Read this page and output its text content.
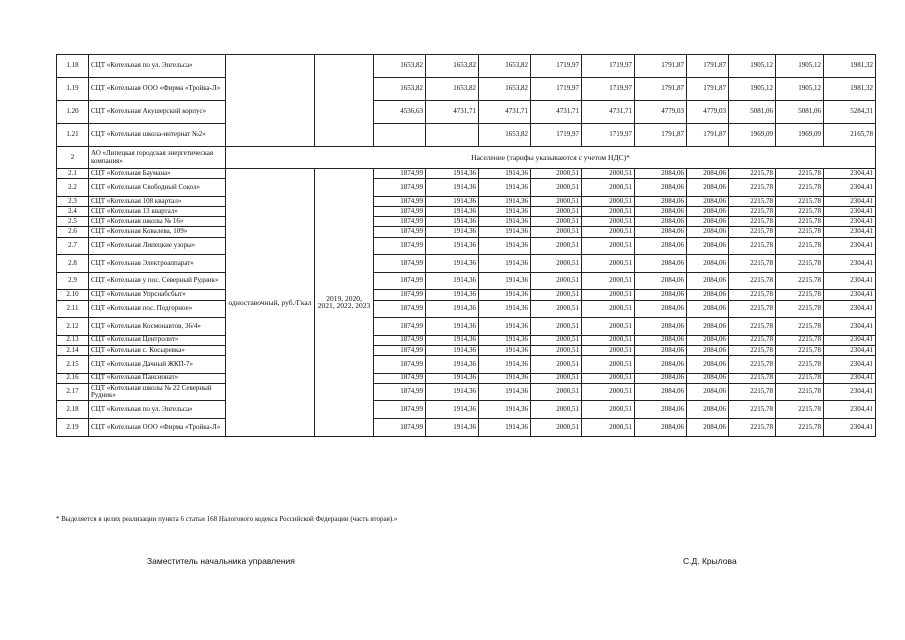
1.18	СЦТ «Котельная по ул. Энгельса»			1653,82	1653,82	1653,82	1719,97	1719,97	1791,87	1791,87	1905,12	1905,12	1981,32
1.19	СЦТ «Котельная ООО «Фирма «Тройка-Л»			1653,82	1653,82	1653,82	1719,97	1719,97	1791,87	1791,87	1905,12	1905,12	1981,32
1.20	СЦТ «Котельная Акушерский корпус»			4536,63	4731,71	4731,71	4731,71	4731,71	4779,03	4779,03	5081,06	5081,06	5284,31
1.21	СЦТ «Котельная школа-интернат №2»					1653,82	1719,97	1719,97	1791,87	1791,87	1969,09	1969,09	2165,78
2	АО «Липецкая городская энергетическая компания»	Население (тарифы указываются с учетом НДС)*											
2.1	СЦТ «Котельная Баумана»	одноставочный, руб./Гкал	2019, 2020, 2021, 2022, 2023	1874,99	1914,36	1914,36	2000,51	2000,51	2084,06	2084,06	2215,78	2215,78	2304,41
2.2	СЦТ «Котельная Свободный Сокол»			1874,99	1914,36	1914,36	2000,51	2000,51	2084,06	2084,06	2215,78	2215,78	2304,41
2.3	СЦТ «Котельная 108 квартал»			1874,99	1914,36	1914,36	2000,51	2000,51	2084,06	2084,06	2215,78	2215,78	2304,41
2.4	СЦТ «Котельная 13 квартал»			1874,99	1914,36	1914,36	2000,51	2000,51	2084,06	2084,06	2215,78	2215,78	2304,41
2.5	СЦТ «Котельная школы № 16»			1874,99	1914,36	1914,36	2000,51	2000,51	2084,06	2084,06	2215,78	2215,78	2304,41
2.6	СЦТ «Котельная Ковалева, 109»			1874,99	1914,36	1914,36	2000,51	2000,51	2084,06	2084,06	2215,78	2215,78	2304,41
2.7	СЦТ «Котельная Липецкие узоры»			1874,99	1914,36	1914,36	2000,51	2000,51	2084,06	2084,06	2215,78	2215,78	2304,41
2.8	СЦТ «Котельная Электроаппарат»			1874,99	1914,36	1914,36	2000,51	2000,51	2084,06	2084,06	2215,78	2215,78	2304,41
2.9	СЦТ «Котельная у пос. Северный Рудник»			1874,99	1914,36	1914,36	2000,51	2000,51	2084,06	2084,06	2215,78	2215,78	2304,41
2.10	СЦТ «Котельная Упрснабсбыт»			1874,99	1914,36	1914,36	2000,51	2000,51	2084,06	2084,06	2215,78	2215,78	2304,41
2.11	СЦТ «Котельная пос. Подгорное»			1874,99	1914,36	1914,36	2000,51	2000,51	2084,06	2084,06	2215,78	2215,78	2304,41
2.12	СЦТ «Котельная Космонавтов, 36/4»			1874,99	1914,36	1914,36	2000,51	2000,51	2084,06	2084,06	2215,78	2215,78	2304,41
2.13	СЦТ «Котельная Центролит»			1874,99	1914,36	1914,36	2000,51	2000,51	2084,06	2084,06	2215,78	2215,78	2304,41
2.14	СЦТ «Котельная с. Косыревка»			1874,99	1914,36	1914,36	2000,51	2000,51	2084,06	2084,06	2215,78	2215,78	2304,41
2.15	СЦТ «Котельная Дачный ЖКП-7»			1874,99	1914,36	1914,36	2000,51	2000,51	2084,06	2084,06	2215,78	2215,78	2304,41
2.16	СЦТ «Котельная Пансионат»			1874,99	1914,36	1914,36	2000,51	2000,51	2084,06	2084,06	2215,78	2215,78	2304,41
2.17	СЦТ «Котельная школы № 22 Северный Рудник»			1874,99	1914,36	1914,36	2000,51	2000,51	2084,06	2084,06	2215,78	2215,78	2304,41
2.18	СЦТ «Котельная по ул. Энгельса»			1874,99	1914,36	1914,36	2000,51	2000,51	2084,06	2084,06	2215,78	2215,78	2304,41
2.19	СЦТ «Котельная ООО «Фирма «Тройка-Л»			1874,99	1914,36	1914,36	2000,51	2000,51	2084,06	2084,06	2215,78	2215,78	2304,41
* Выделяется в целях реализации пункта 6 статьи 168 Налогового кодекса Российской Федерации (часть вторая).»
Заместитель начальника управления	С.Д. Крылова
